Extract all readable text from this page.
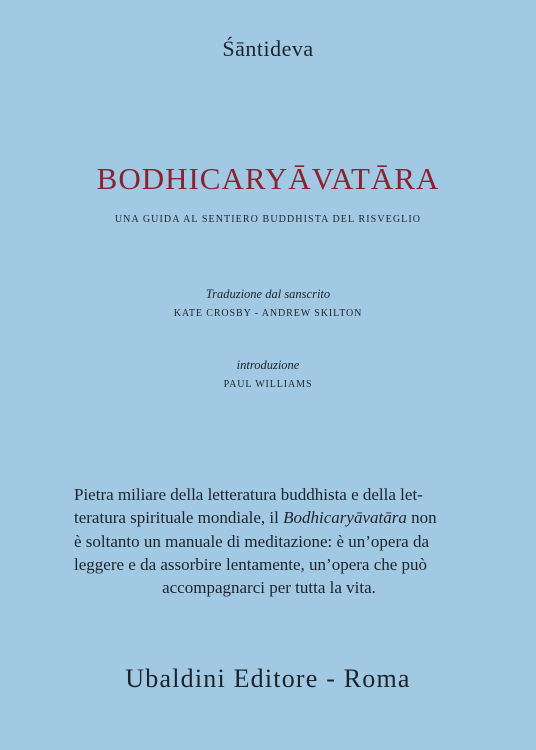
Śāntideva
BODHICARYĀVATĀRA
UNA GUIDA AL SENTIERO BUDDHISTA DEL RISVEGLIO
Traduzione dal sanscrito
KATE CROSBY - ANDREW SKILTON
introduzione
PAUL WILLIAMS
Pietra miliare della letteratura buddhista e della let-
teratura spirituale mondiale, il Bodhicaryāvatāra non
è soltanto un manuale di meditazione: è un’opera da
leggere e da assorbire lentamente, un’opera che può
accompagnarci per tutta la vita.
Ubaldini Editore - Roma
